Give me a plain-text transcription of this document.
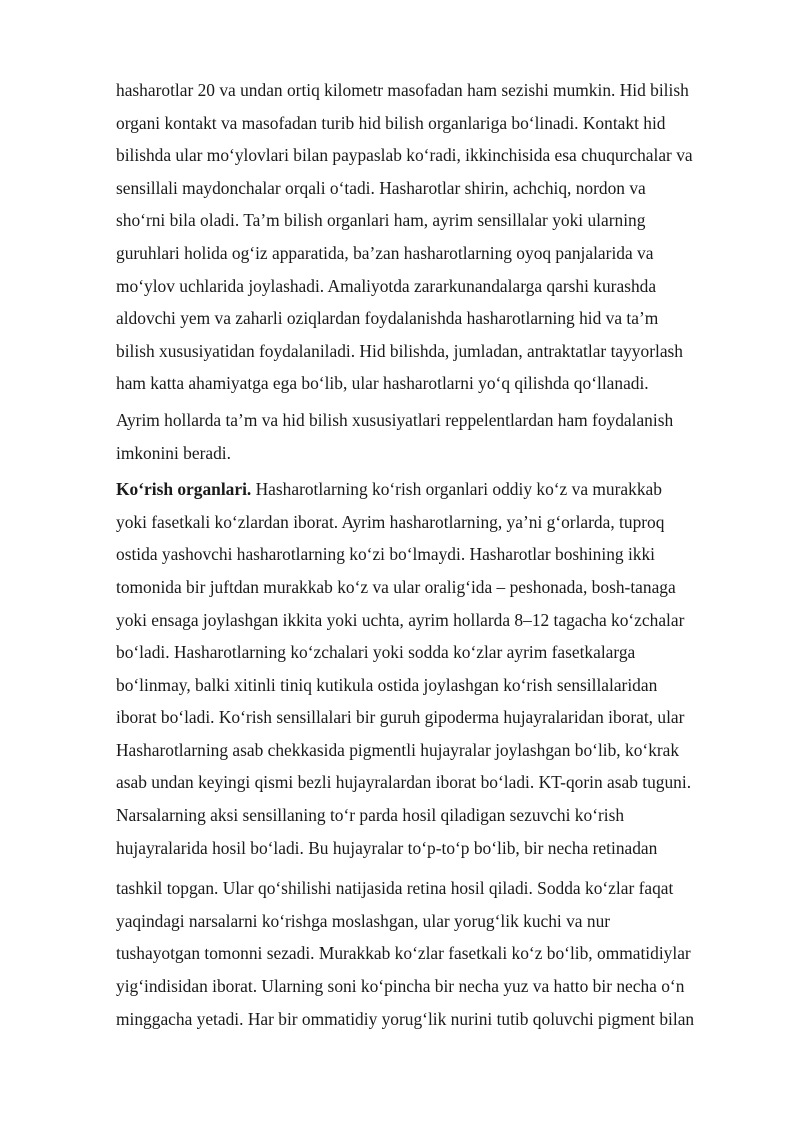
hasharotlar 20 va undan ortiq kilometr masofadan ham sezishi mumkin. Hid bilish
organi kontakt va masofadan turib hid bilish organlariga bo‘linadi. Kontakt hid
bilishda ular mo‘ylovlari bilan paypaslab ko‘radi, ikkinchisida esa chuqurchalar va
sensillali maydonchalar orqali o‘tadi. Hasharotlar shirin, achchiq, nordon va
sho‘rni bila oladi. Ta’m bilish organlari ham, ayrim sensillalar yoki ularning
guruhlari holida og‘iz apparatida, ba’zan hasharotlarning oyoq panjalarida va
mo‘ylov uchlarida joylashadi. Amaliyotda zararkunandalarga qarshi kurashda
aldovchi yem va zaharli oziqlardan foydalanishda hasharotlarning hid va ta’m
bilish xususiyatidan foydalaniladi. Hid bilishda, jumladan, antraktatlar tayyorlash
ham katta ahamiyatga ega bo‘lib, ular hasharotlarni yo‘q qilishda qo‘llanadi.

Ayrim hollarda ta’m va hid bilish xususiyatlari reppelentlardan ham foydalanish
imkonini beradi.

Ko‘rish organlari. Hasharotlarning ko‘rish organlari oddiy ko‘z va murakkab
yoki fasetkali ko‘zlardan iborat. Ayrim hasharotlarning, ya’ni g‘orlarda, tuproq
ostida yashovchi hasharotlarning ko‘zi bo‘lmaydi. Hasharotlar boshining ikki
tomonida bir juftdan murakkab ko‘z va ular oralig‘ida – peshonada, bosh-tanaga
yoki ensaga joylashgan ikkita yoki uchta, ayrim hollarda 8–12 tagacha ko‘zchalar
bo‘ladi. Hasharotlarning ko‘zchalari yoki sodda ko‘zlar ayrim fasetkalarga
bo‘linmay, balki xitinli tiniq kutikula ostida joylashgan ko‘rish sensillalaridan
iborat bo‘ladi. Ko‘rish sensillalari bir guruh gipoderma hujayralaridan iborat, ular
Hasharotlarning asab chekkasida pigmentli hujayralar joylashgan bo‘lib, ko‘krak
asab undan keyingi qismi bezli hujayralardan iborat bo‘ladi. KT-qorin asab tuguni.
Narsalarning aksi sensillaning to‘r parda hosil qiladigan sezuvchi ko‘rish
hujayralarida hosil bo‘ladi. Bu hujayralar to‘p-to‘p bo‘lib, bir necha retinadan

tashkil topgan. Ular qo‘shilishi natijasida retina hosil qiladi. Sodda ko‘zlar faqat
yaqindagi narsalarni ko‘rishga moslashgan, ular yorug‘lik kuchi va nur
tushayotgan tomonni sezadi. Murakkab ko‘zlar fasetkali ko‘z bo‘lib, ommatidiylar
yig‘indisidan iborat. Ularning soni ko‘pincha bir necha yuz va hatto bir necha o‘n
minggacha yetadi. Har bir ommatidiy yorug‘lik nurini tutib qoluvchi pigment bilan
